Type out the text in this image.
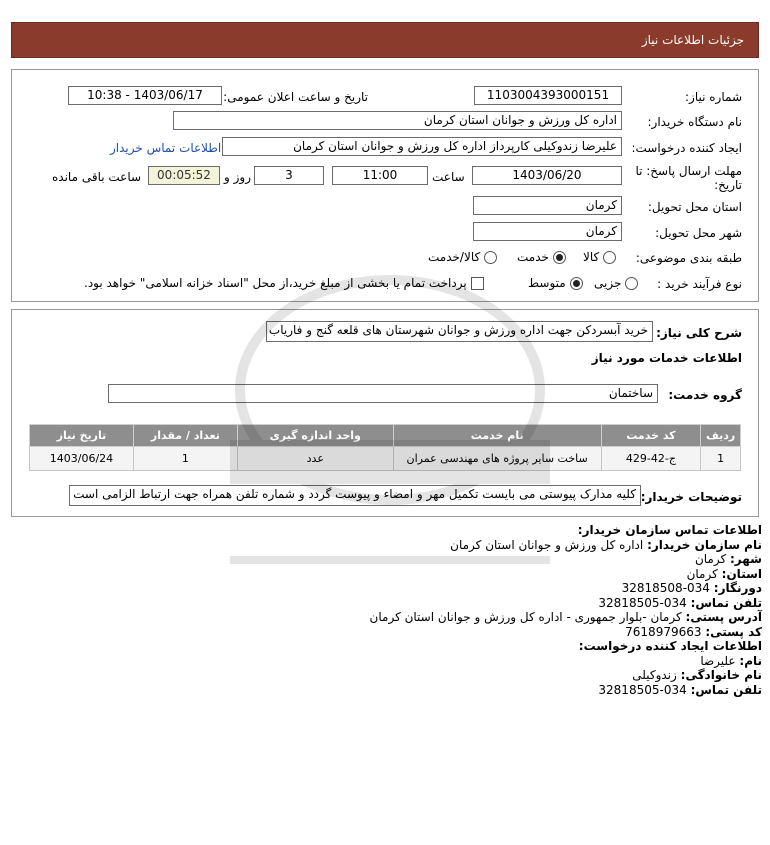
جزئیات اطلاعات نیاز
شماره نیاز:
1103004393000151
تاریخ و ساعت اعلان عمومی:
1403/06/17 - 10:38
نام دستگاه خریدار:
اداره کل ورزش و جوانان استان کرمان
ایجاد کننده درخواست:
علیرضا زندوکیلی کارپرداز اداره کل ورزش و جوانان استان کرمان
اطلاعات تماس خریدار
مهلت ارسال پاسخ: تا
تاریخ:
1403/06/20
ساعت
11:00
3
روز و
00:05:52
ساعت باقی مانده
استان محل تحویل:
کرمان
شهر محل تحویل:
کرمان
طبقه بندی موضوعی:
کالا
خدمت
کالا/خدمت
نوع فرآیند خرید :
جزیی
متوسط
پرداخت تمام یا بخشی از مبلغ خرید،از محل "اسناد خزانه اسلامی" خواهد بود.
شرح کلی نیاز:
خرید آبسردکن جهت اداره ورزش و جوانان شهرستان های قلعه گنج و فاریاب
اطلاعات خدمات مورد نیاز
گروه خدمت:
ساختمان
ردیف	کد خدمت	نام خدمت	واحد اندازه گیری	تعداد / مقدار	تاریخ نیاز
1	ج-42-429	ساخت سایر پروژه های مهندسی عمران	عدد	1	1403/06/24
توضیحات خریدار:
کلیه مدارک پیوستی می بایست تکمیل مهر و امضاء و پیوست گردد و شماره تلفن همراه جهت ارتباط الزامی است
اطلاعات تماس سازمان خریدار:
نام سازمان خریدار: اداره کل ورزش و جوانان استان کرمان
شهر: کرمان
استان: کرمان
دورنگار: 034-32818508
تلفن تماس: 034-32818505
آدرس پستی: کرمان -بلوار جمهوری - اداره کل ورزش و جوانان استان کرمان
کد پستی: 7618979663
اطلاعات ایجاد کننده درخواست:
نام: علیرضا
نام خانوادگی: زندوکیلی
تلفن تماس: 034-32818505
